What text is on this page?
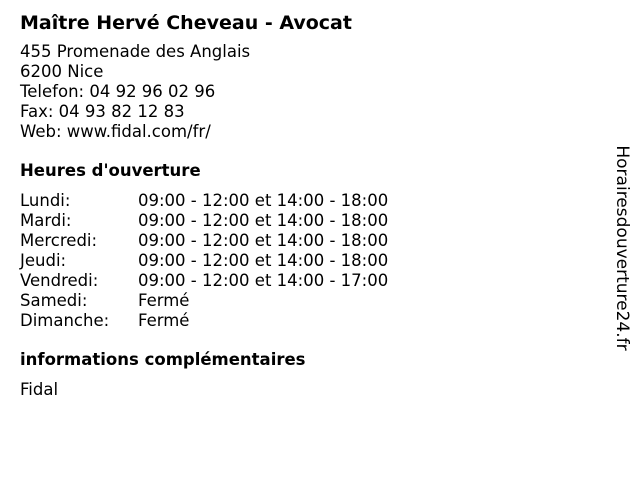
Maître Hervé Cheveau - Avocat
455 Promenade des Anglais
6200 Nice
Telefon: 04 92 96 02 96
Fax: 04 93 82 12 83
Web: www.fidal.com/fr/
Heures d'ouverture
Lundi:	09:00 - 12:00 et 14:00 - 18:00
Mardi:	09:00 - 12:00 et 14:00 - 18:00
Mercredi:	09:00 - 12:00 et 14:00 - 18:00
Jeudi:	09:00 - 12:00 et 14:00 - 18:00
Vendredi:	09:00 - 12:00 et 14:00 - 17:00
Samedi:	Fermé
Dimanche:	Fermé
informations complémentaires
Fidal
Horairesdouverture24.fr
